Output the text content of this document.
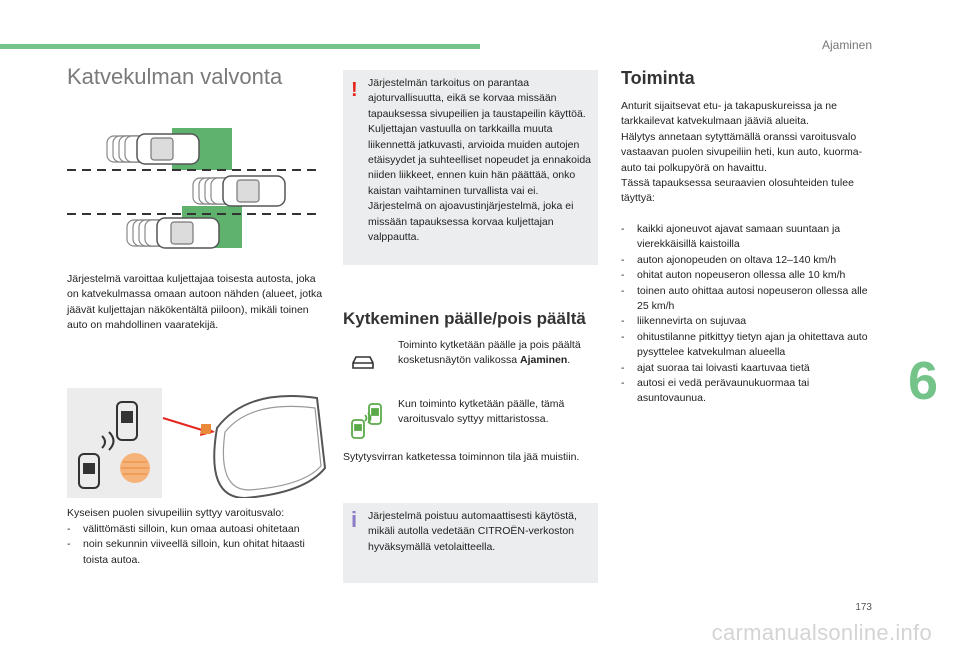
Ajaminen
Katvekulman valvonta

Järjestelmä varoittaa kuljettajaa toisesta autosta, joka on katvekulmassa omaan autoon nähden (alueet, jotka jäävät kuljettajan näkökentältä piiloon), mikäli toinen auto on mahdollinen vaaratekijä.

Kyseisen puolen sivupeiliin syttyy varoitusvalo:

- välittömästi silloin, kun omaa autoasi ohitetaan
- noin sekunnin viiveellä silloin, kun ohitat hitaasti toista autoa.
! Järjestelmän tarkoitus on parantaa ajoturvallisuutta, eikä se korvaa missään tapauksessa sivupeilien ja taustapeilin käyttöä. Kuljettajan vastuulla on tarkkailla muuta liikennettä jatkuvasti, arvioida muiden autojen etäisyydet ja suhteelliset nopeudet ja ennakoida niiden liikkeet, ennen kuin hän päättää, onko kaistan vaihtaminen turvallista vai ei.
Järjestelmä on ajoavustinjärjestelmä, joka ei missään tapauksessa korvaa kuljettajan valppautta.

Kytkeminen päälle/pois päältä

Toiminto kytketään päälle ja pois päältä kosketusnäytön valikossa Ajaminen.

Kun toiminto kytketään päälle, tämä varoitusvalo syttyy mittaristossa.

Sytytysvirran katketessa toiminnon tila jää muistiin.

i Järjestelmä poistuu automaattisesti käytöstä, mikäli autolla vedetään CITROËN-verkoston hyväksymällä vetolaitteella.

Toiminta

Anturit sijaitsevat etu- ja takapuskureissa ja ne tarkkailevat katvekulmaan jääviä alueita.
Hälytys annetaan sytyttämällä oranssi varoitusvalo vastaavan puolen sivupeiliin heti, kun auto, kuorma-auto tai polkupyörä on havaittu.
Tässä tapauksessa seuraavien olosuhteiden tulee täyttyä:

- kaikki ajoneuvot ajavat samaan suuntaan ja vierekkäisillä kaistoilla
- auton ajonopeuden on oltava 12–140 km/h
- ohitat auton nopeuseron ollessa alle 10 km/h
- toinen auto ohittaa autosi nopeuseron ollessa alle 25 km/h
- liikennevirta on sujuvaa
- ohitustilanne pitkittyy tietyn ajan ja ohitettava auto pysyttelee katvekulman alueella
- ajat suoraa tai loivasti kaartuvaa tietä
- autosi ei vedä perävaunukuormaa tai asuntovaunua.	6
173
carmanualsonline.info
